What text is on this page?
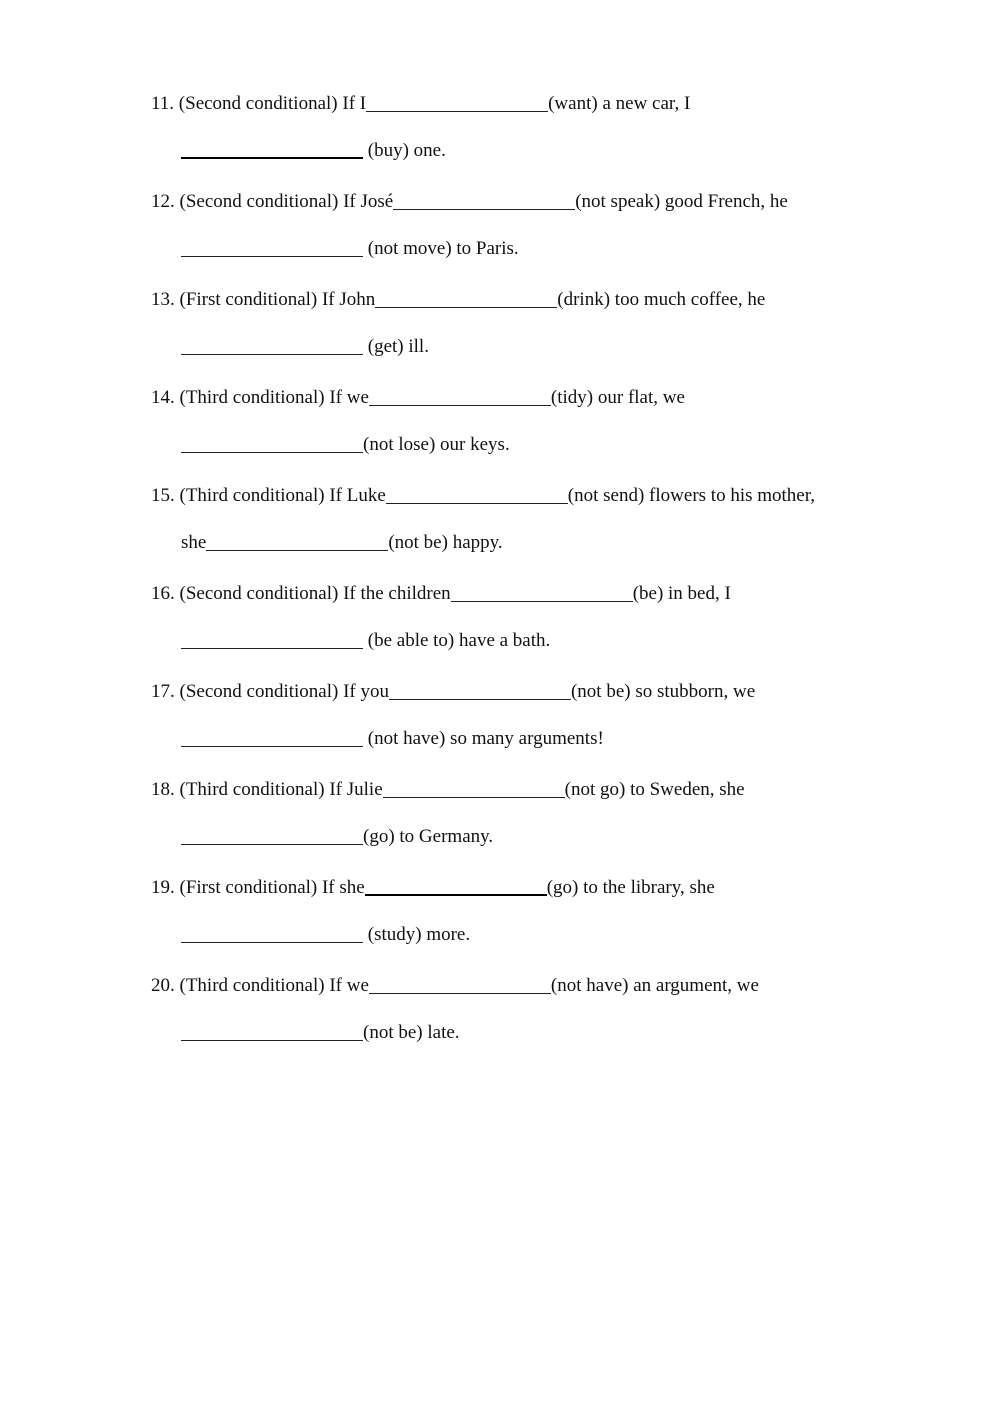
11. (Second conditional) If I	(want) a new car, I

(buy) one.

12. (Second conditional) If José	(not speak) good French, he

(not move) to Paris.

13. (First conditional) If John	(drink) too much coffee, he

(get) ill.

14. (Third conditional) If we	(tidy) our flat, we

(not lose) our keys.

15. (Third conditional) If Luke	(not send) flowers to his mother,

she	(not be) happy.

16. (Second conditional) If the children	(be) in bed, I

(be able to) have a bath.

17. (Second conditional) If you	(not be) so stubborn, we

(not have) so many arguments!

18. (Third conditional) If Julie	(not go) to Sweden, she

(go) to Germany.

19. (First conditional) If she	(go) to the library, she

(study) more.

20. (Third conditional) If we	(not have) an argument, we

(not be) late.
